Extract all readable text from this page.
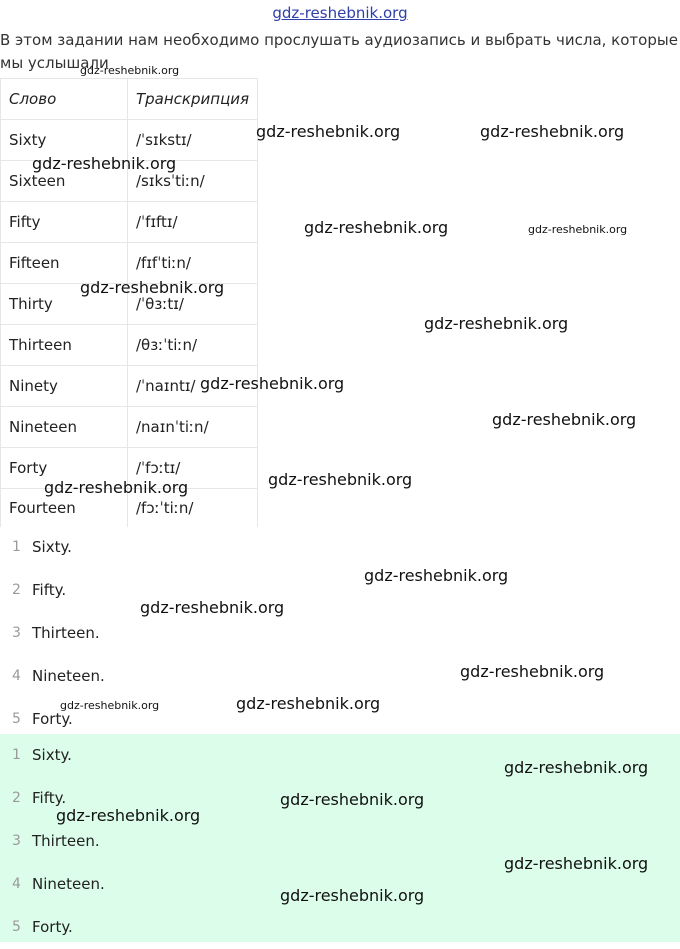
gdz-reshebnik.org
В этом задании нам необходимо прослушать аудиозапись и выбрать числа, которые мы услышали
Слово	Транскрипция
Sixty	/ˈsɪkstɪ/
Sixteen	/sɪksˈtiːn/
Fifty	/ˈfɪftɪ/
Fifteen	/fɪfˈtiːn/
Thirty	/ˈθɜːtɪ/
Thirteen	/θɜːˈtiːn/
Ninety	/ˈnaɪntɪ/
Nineteen	/naɪnˈtiːn/
Forty	/ˈfɔːtɪ/
Fourteen	/fɔːˈtiːn/
1 Sixty.
2 Fifty.
3 Thirteen.
4 Nineteen.
5 Forty.
1 Sixty.
2 Fifty.
3 Thirteen.
4 Nineteen.
5 Forty.
gdz-reshebnik.org
gdz-reshebnik.org	gdz-reshebnik.org
gdz-reshebnik.org
gdz-reshebnik.org	gdz-reshebnik.org
gdz-reshebnik.org
gdz-reshebnik.org
gdz-reshebnik.org
gdz-reshebnik.org
gdz-reshebnik.org
gdz-reshebnik.org
gdz-reshebnik.org
gdz-reshebnik.org
gdz-reshebnik.org
gdz-reshebnik.org	gdz-reshebnik.org
gdz-reshebnik.org
gdz-reshebnik.org
gdz-reshebnik.org
gdz-reshebnik.org
gdz-reshebnik.org
